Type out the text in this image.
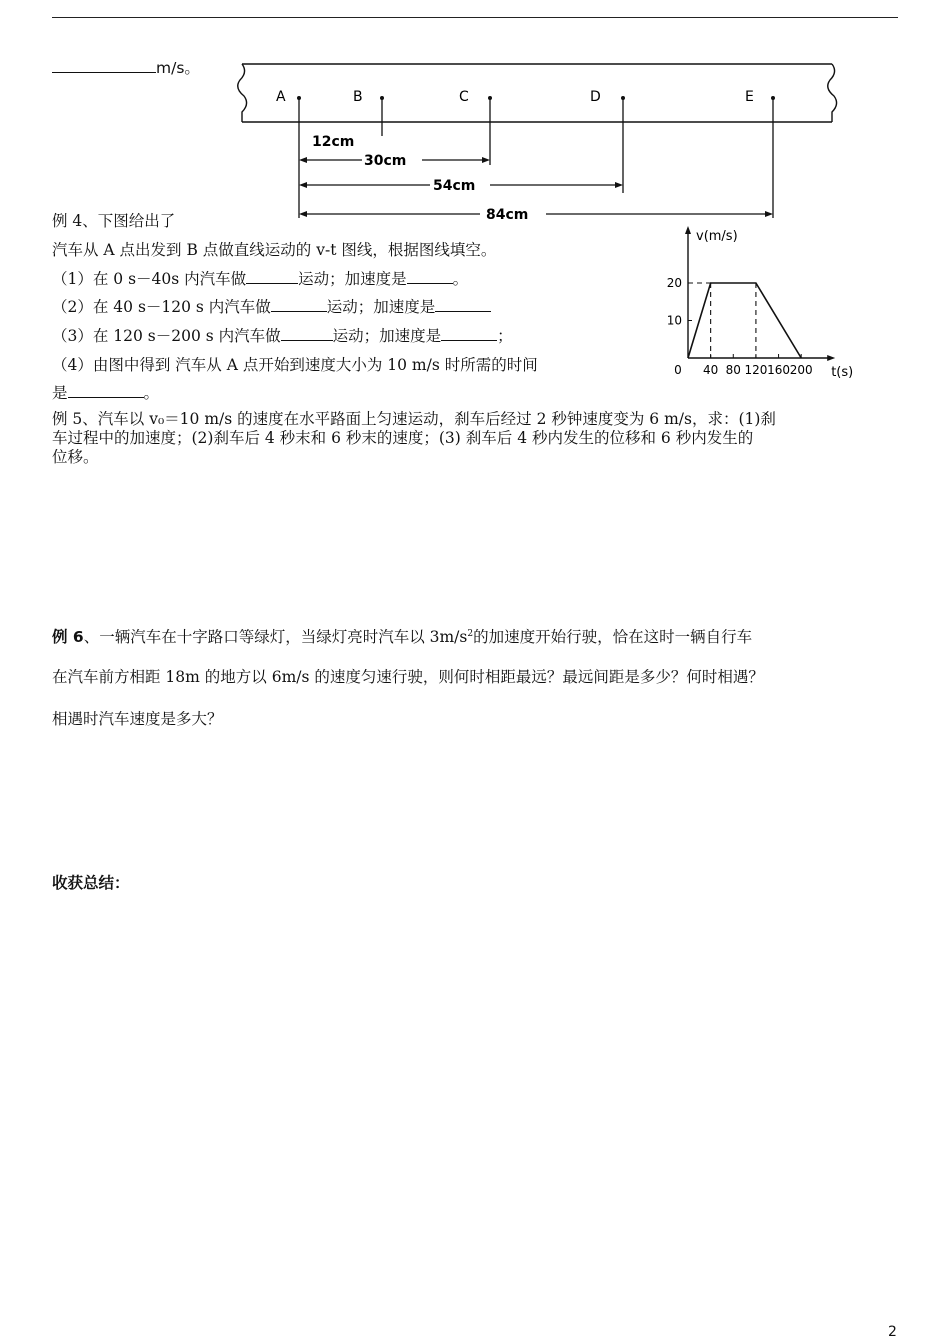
m/s。
A	B	C	D	E
12cm
30cm
54cm
84cm
例 4、下图给出了
汽车从 A 点出发到 B 点做直线运动的 v-t 图线，根据图线填空。
（1）在 0 s－40s 内汽车做	运动；加速度是	。
（2）在 40 s－120 s 内汽车做	运动；加速度是
（3）在 120 s－200 s 内汽车做	运动；加速度是	；
（4）由图中得到 汽车从 A 点开始到速度大小为 10 m/s 时所需的时间
是	。
v(m/s)
t(s)
0 40 80 120 160 200
10
20
例 5、汽车以 v₀＝10 m/s 的速度在水平路面上匀速运动，刹车后经过 2 秒钟速度变为 6 m/s，求：(1)刹
车过程中的加速度；(2)刹车后 4 秒末和 6 秒末的速度；(3) 刹车后 4 秒内发生的位移和 6 秒内发生的
位移。
例 6、一辆汽车在十字路口等绿灯，当绿灯亮时汽车以 $3m/s^2$的加速度开始行驶，恰在这时一辆自行车
在汽车前方相距 18m 的地方以 6m/s 的速度匀速行驶，则何时相距最远？最远间距是多少？何时相遇？
相遇时汽车速度是多大？
收获总结：
2
